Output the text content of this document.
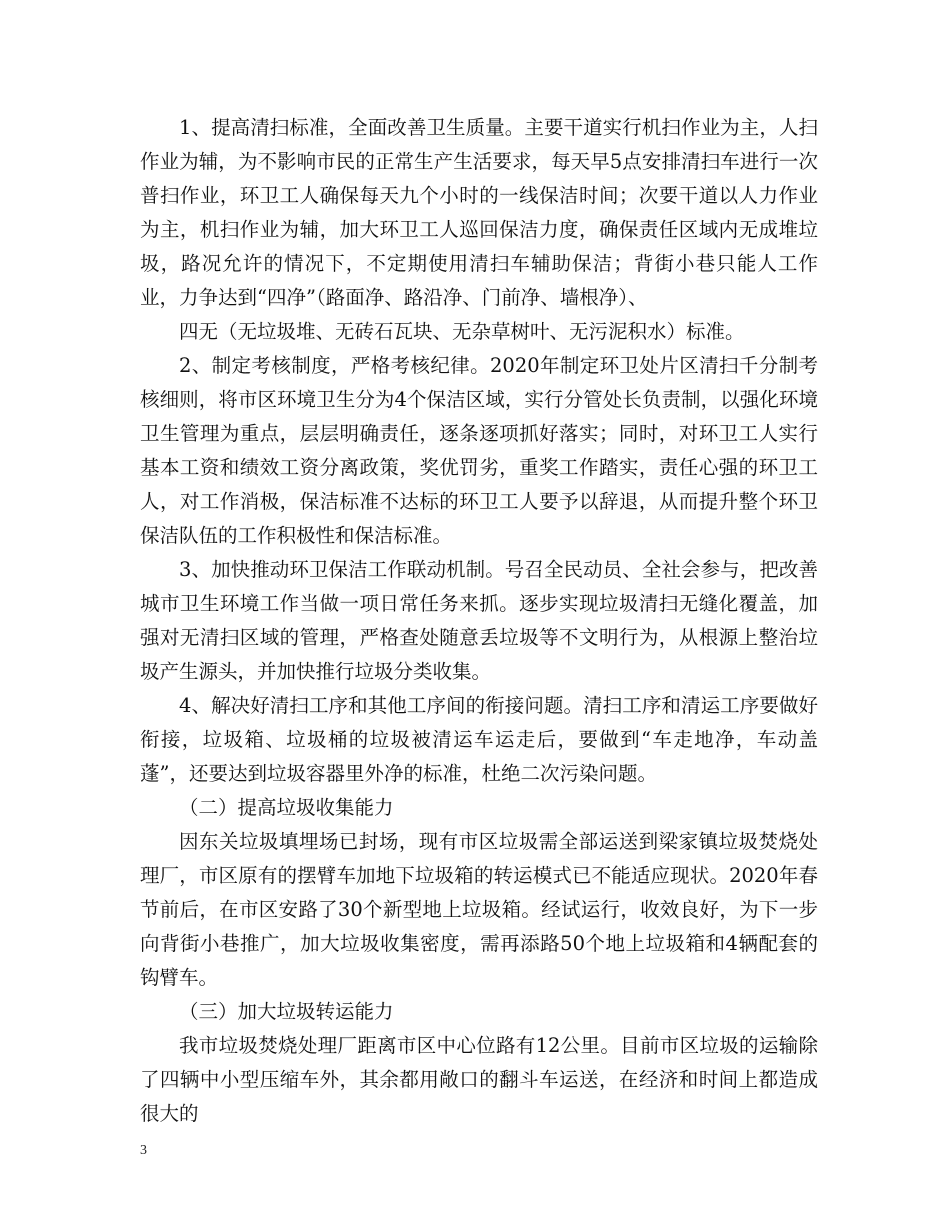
1、提高清扫标准，全面改善卫生质量。主要干道实行机扫作业为主，人扫作业为辅，为不影响市民的正常生产生活要求，每天早5点安排清扫车进行一次普扫作业，环卫工人确保每天九个小时的一线保洁时间；次要干道以人力作业为主，机扫作业为辅，加大环卫工人巡回保洁力度，确保责任区域内无成堆垃圾，路况允许的情况下，不定期使用清扫车辅助保洁；背街小巷只能人工作业，力争达到“四净”（路面净、路沿净、门前净、墙根净）、

四无（无垃圾堆、无砖石瓦块、无杂草树叶、无污泥积水）标准。

2、制定考核制度，严格考核纪律。2020年制定环卫处片区清扫千分制考核细则，将市区环境卫生分为4个保洁区域，实行分管处长负责制，以强化环境卫生管理为重点，层层明确责任，逐条逐项抓好落实；同时，对环卫工人实行基本工资和绩效工资分离政策，奖优罚劣，重奖工作踏实，责任心强的环卫工人，对工作消极，保洁标准不达标的环卫工人要予以辞退，从而提升整个环卫保洁队伍的工作积极性和保洁标准。

3、加快推动环卫保洁工作联动机制。号召全民动员、全社会参与，把改善城市卫生环境工作当做一项日常任务来抓。逐步实现垃圾清扫无缝化覆盖，加强对无清扫区域的管理，严格查处随意丢垃圾等不文明行为，从根源上整治垃圾产生源头，并加快推行垃圾分类收集。

4、解决好清扫工序和其他工序间的衔接问题。清扫工序和清运工序要做好衔接，垃圾箱、垃圾桶的垃圾被清运车运走后，要做到“车走地净，车动盖蓬”，还要达到垃圾容器里外净的标准，杜绝二次污染问题。

（二）提高垃圾收集能力

因东关垃圾填埋场已封场，现有市区垃圾需全部运送到梁家镇垃圾焚烧处理厂，市区原有的摆臂车加地下垃圾箱的转运模式已不能适应现状。2020年春节前后，在市区安路了30个新型地上垃圾箱。经试运行，收效良好，为下一步向背街小巷推广，加大垃圾收集密度，需再添路50个地上垃圾箱和4辆配套的钩臂车。

（三）加大垃圾转运能力

我市垃圾焚烧处理厂距离市区中心位路有12公里。目前市区垃圾的运输除了四辆中小型压缩车外，其余都用敞口的翻斗车运送，在经济和时间上都造成很大的

3
